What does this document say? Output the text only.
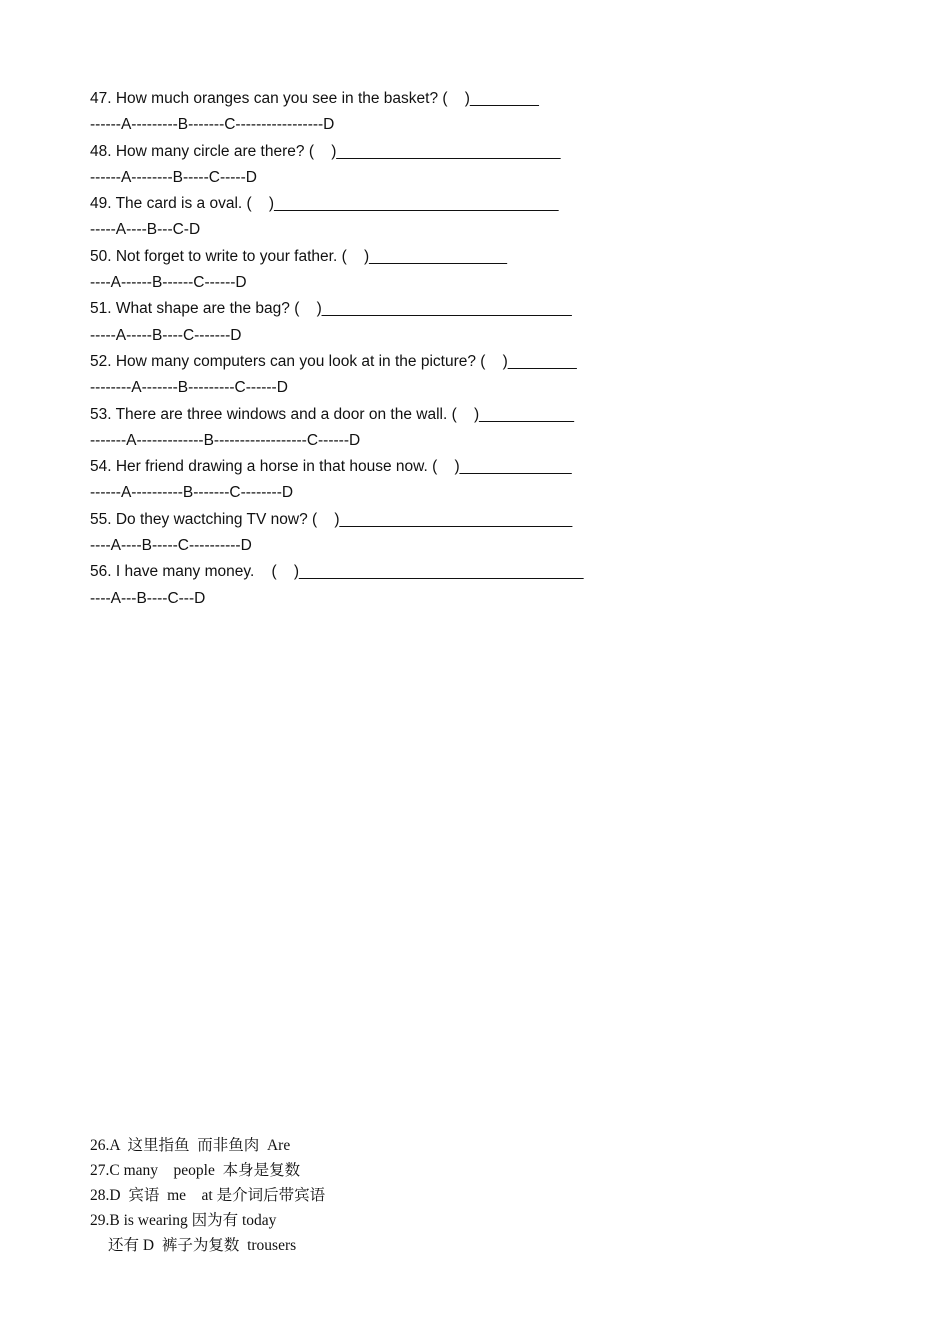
47. How much oranges can you see in the basket? (    )________
------A---------B-------C-----------------D
48. How many circle are there? (    )__________________________
------A--------B-----C-----D
49. The card is a oval. (    )_________________________________
-----A----B---C-D
50. Not forget to write to your father. (    )________________
----A------B------C------D
51. What shape are the bag? (    )_____________________________
-----A-----B----C-------D
52. How many computers can you look at in the picture? (    )________
--------A-------B---------C------D
53. There are three windows and a door on the wall. (    )___________
-------A-------------B------------------C------D
54. Her friend drawing a horse in that house now. (    )_____________
------A----------B-------C--------D
55. Do they wactching TV now? (    )___________________________
----A----B-----C----------D
56. I have many money.    (    )_________________________________
----A---B----C---D
26.A  这里指鱼  而非鱼肉  Are
27.C many    people  本身是复数
28.D  宾语  me    at 是介词后带宾语
29.B is wearing 因为有 today
还有 D  裤子为复数  trousers
